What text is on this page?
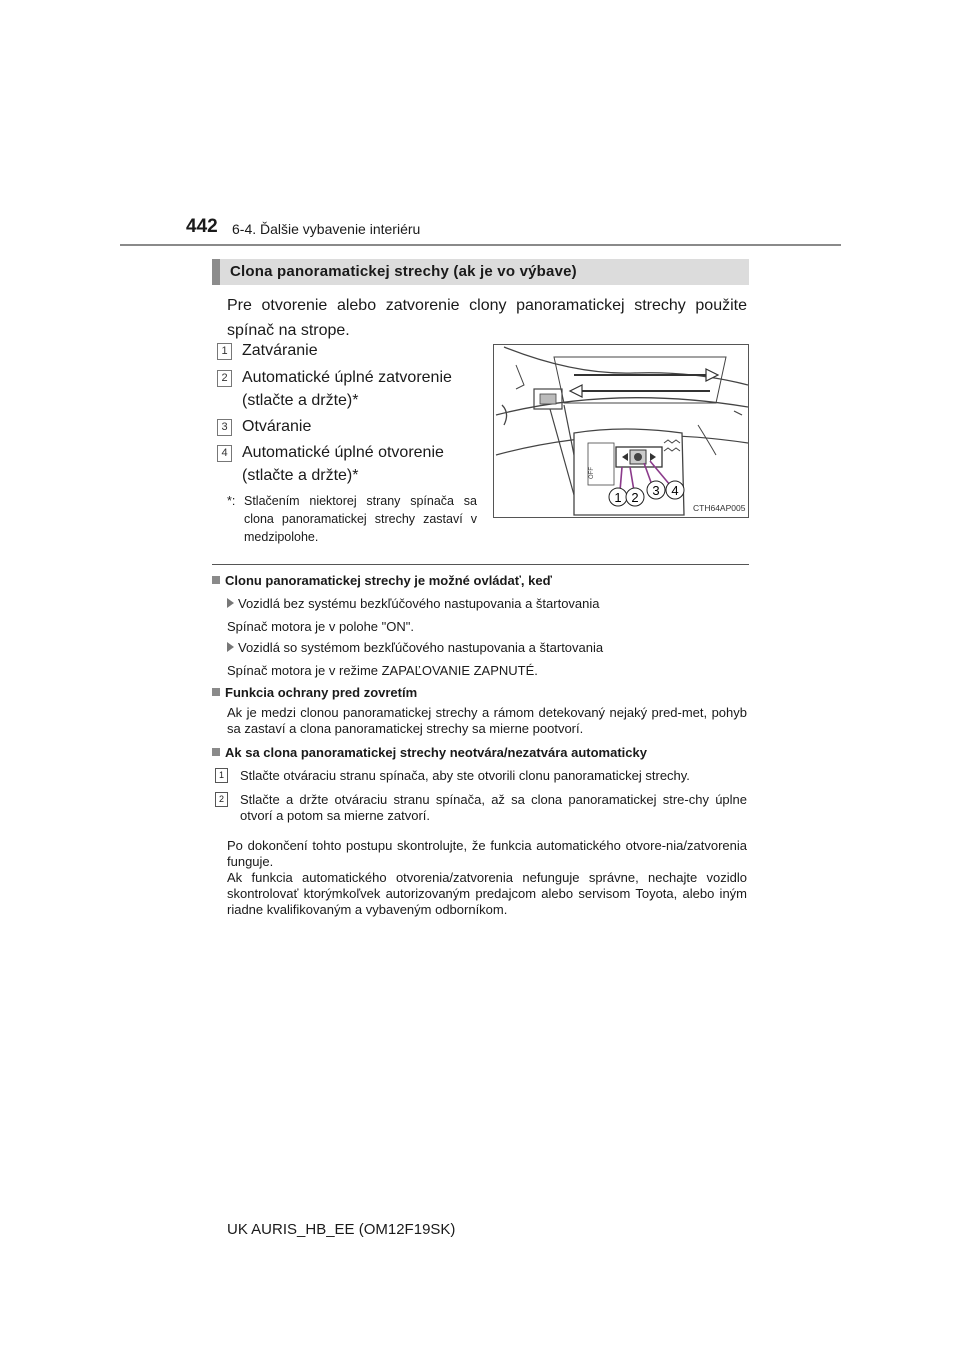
442 6-4. Ďalšie vybavenie interiéru
Clona panoramatickej strechy (ak je vo výbave)
Pre otvorenie alebo zatvorenie clony panoramatickej strechy použite spínač na strope.
1 Zatváranie
2 Automatické úplné zatvorenie (stlačte a držte)*
3 Otváranie
4 Automatické úplné otvorenie (stlačte a držte)*
*: Stlačením niektorej strany spínača sa clona panoramatickej strechy zastaví v medzipolohe.
OFF
1 2 3 4
CTH64AP005
Clonu panoramatickej strechy je možné ovládať, keď
Vozidlá bez systému bezkľúčového nastupovania a štartovania
Spínač motora je v polohe "ON".
Vozidlá so systémom bezkľúčového nastupovania a štartovania
Spínač motora je v režime ZAPAĽOVANIE ZAPNUTÉ.
Funkcia ochrany pred zovretím
Ak je medzi clonou panoramatickej strechy a rámom detekovaný nejaký pred-met, pohyb sa zastaví a clona panoramatickej strechy sa mierne pootvorí.
Ak sa clona panoramatickej strechy neotvára/nezatvára automaticky
1	Stlačte otváraciu stranu spínača, aby ste otvorili clonu panoramatickej strechy.
2	Stlačte a držte otváraciu stranu spínača, až sa clona panoramatickej stre-chy úplne otvorí a potom sa mierne zatvorí.
Po dokončení tohto postupu skontrolujte, že funkcia automatického otvore-nia/zatvorenia funguje.
Ak funkcia automatického otvorenia/zatvorenia nefunguje správne, nechajte vozidlo skontrolovať ktorýmkoľvek autorizovaným predajcom alebo servisom Toyota, alebo iným riadne kvalifikovaným a vybaveným odborníkom.
UK AURIS_HB_EE (OM12F19SK)
